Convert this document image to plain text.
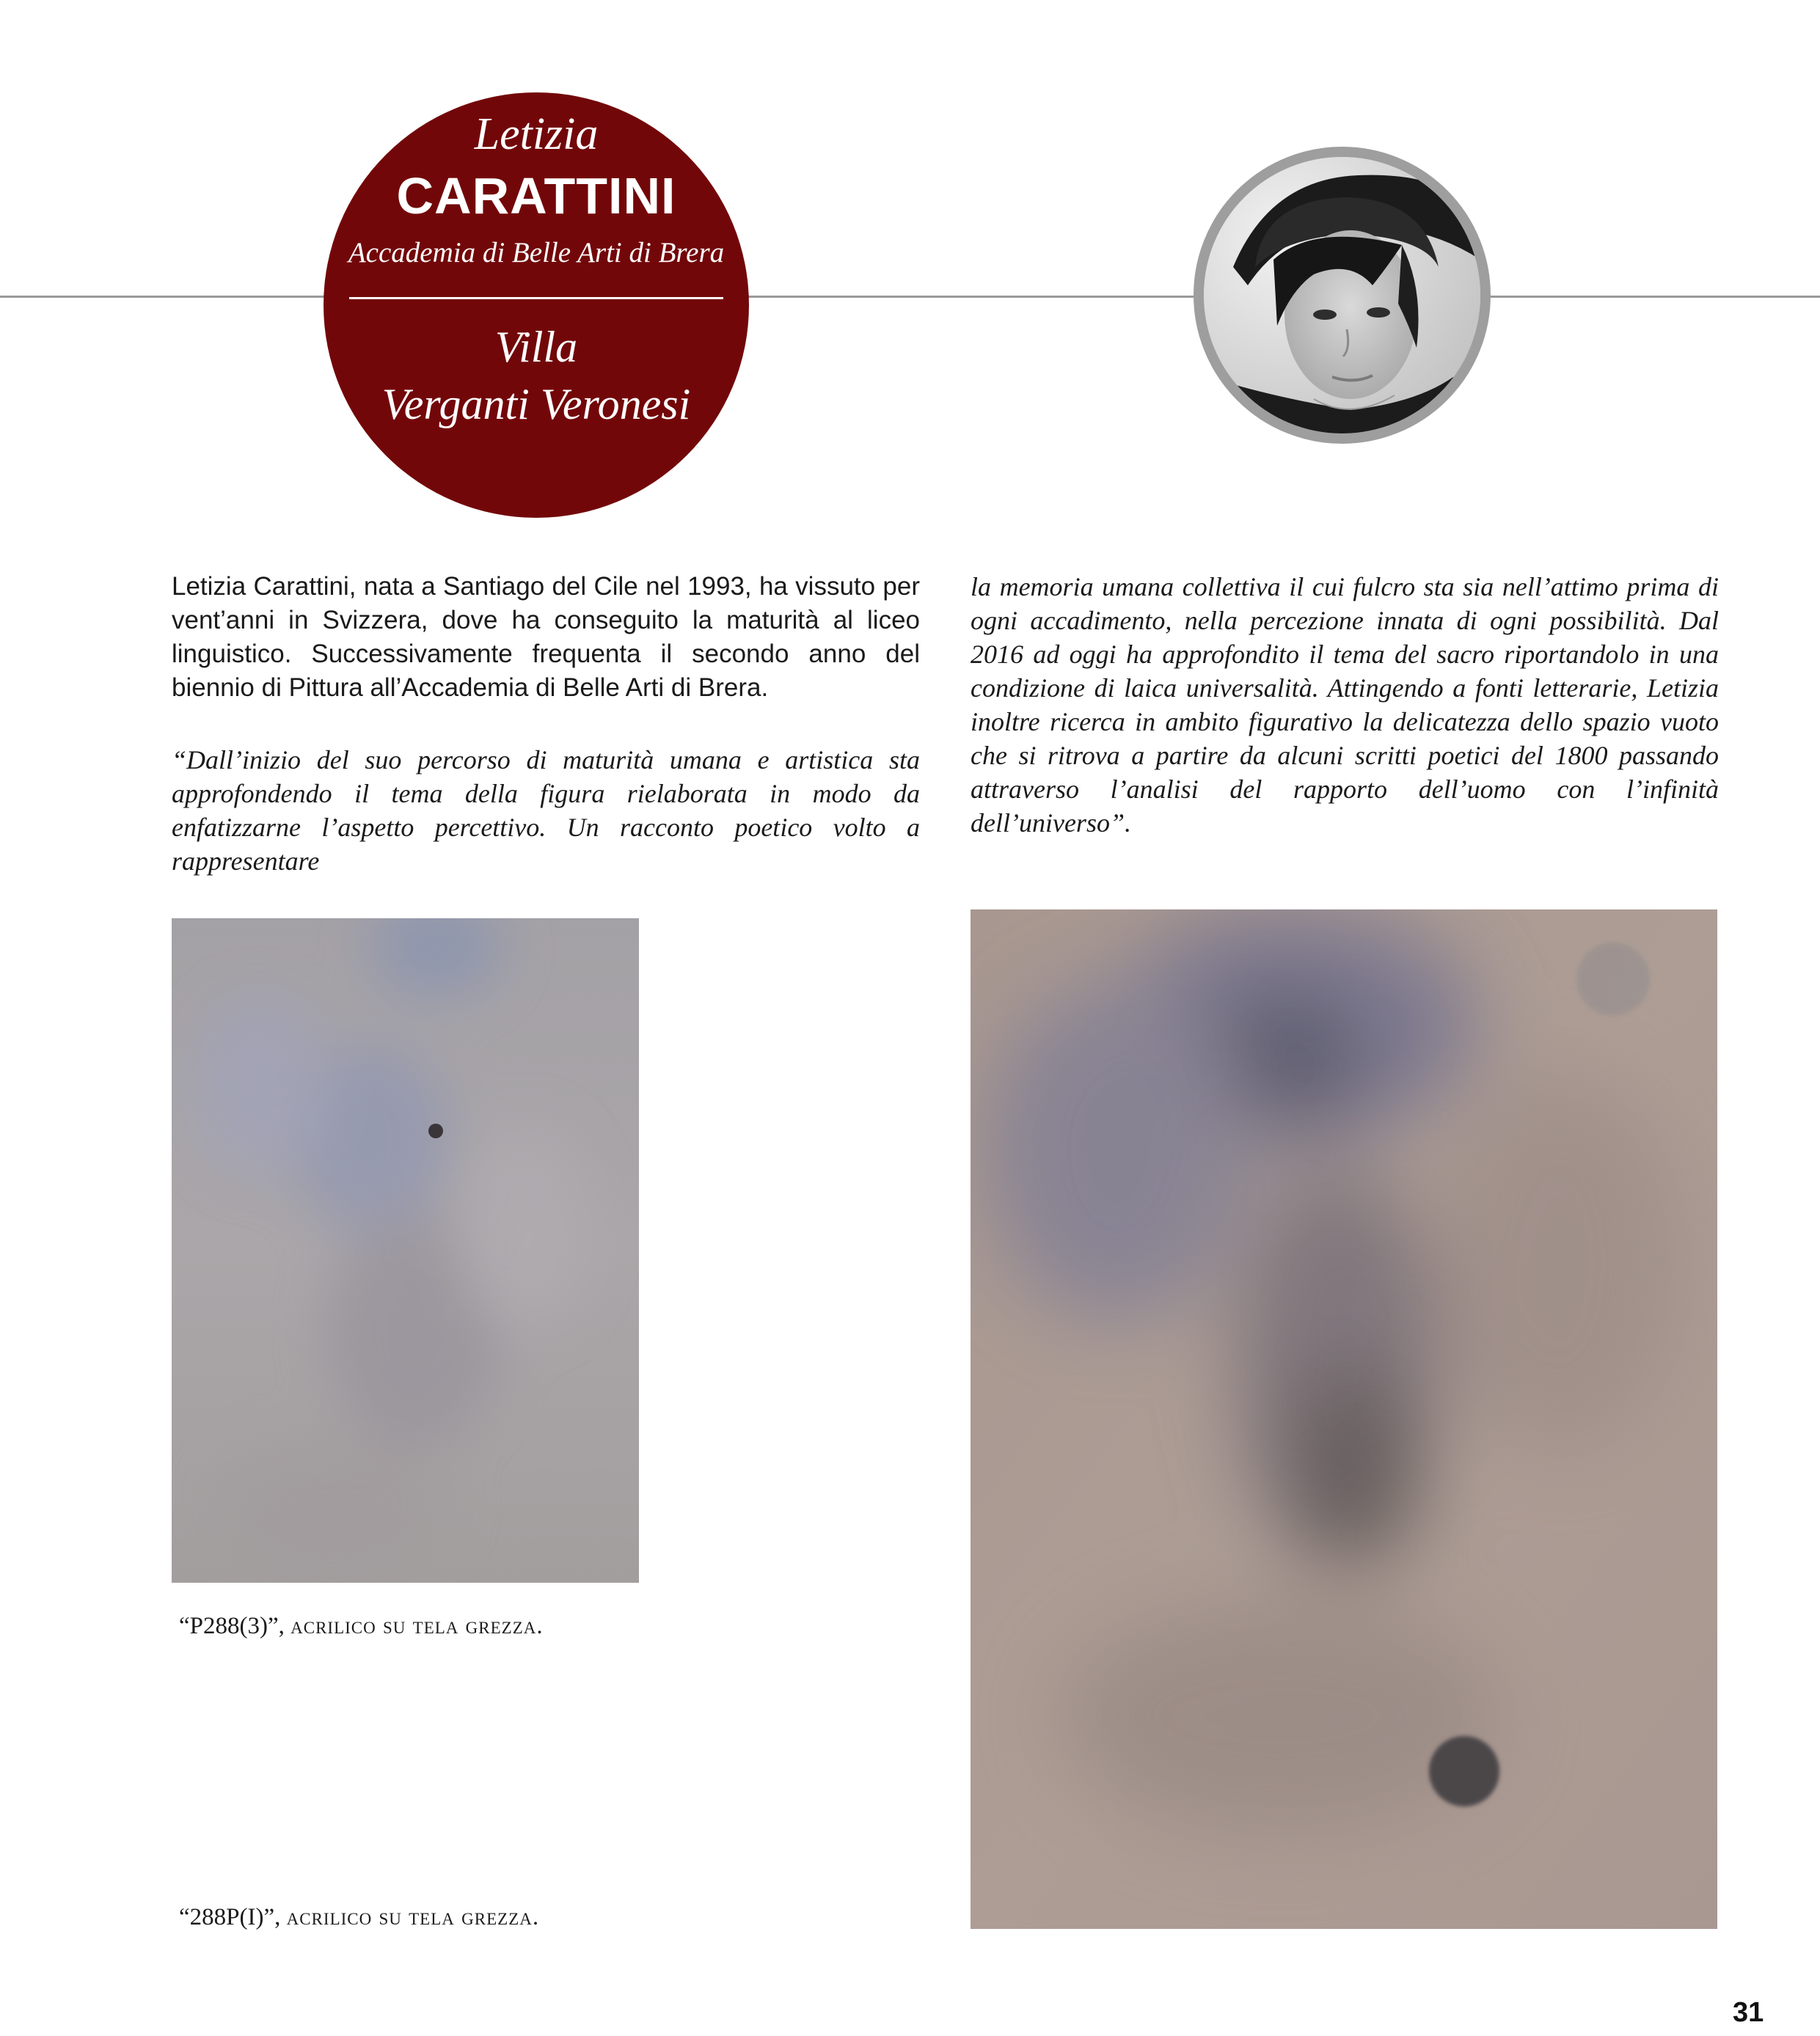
Letizia
CARATTINI
Accademia di Belle Arti di Brera
Villa
Verganti Veronesi

Letizia Carattini, nata a Santiago del Cile nel 1993, ha vissuto per vent’anni in Svizzera, dove ha conseguito la maturità al liceo linguistico. Successivamente frequenta il secondo anno del biennio di Pittura all’Accademia di Belle Arti di Brera.

“Dall’inizio del suo percorso di maturità umana e artistica sta approfondendo il tema della figura rielaborata in modo da enfatizzarne l’aspetto percettivo. Un racconto poetico volto a rappresentare

la memoria umana collettiva il cui fulcro sta sia nell’attimo prima di ogni accadimento, nella percezione innata di ogni possibilità. Dal 2016 ad oggi ha approfondito il tema del sacro riportandolo in una condizione di laica universalità. Attingendo a fonti letterarie, Letizia inoltre ricerca in ambito figurativo la delicatezza dello spazio vuoto che si ritrova a partire da alcuni scritti poetici del 1800 passando attraverso l’analisi del rapporto dell’uomo con l’infinità dell’universo”.

“P288(3)”, acrilico su tela grezza.

“288P(I)”, acrilico su tela grezza.

31
